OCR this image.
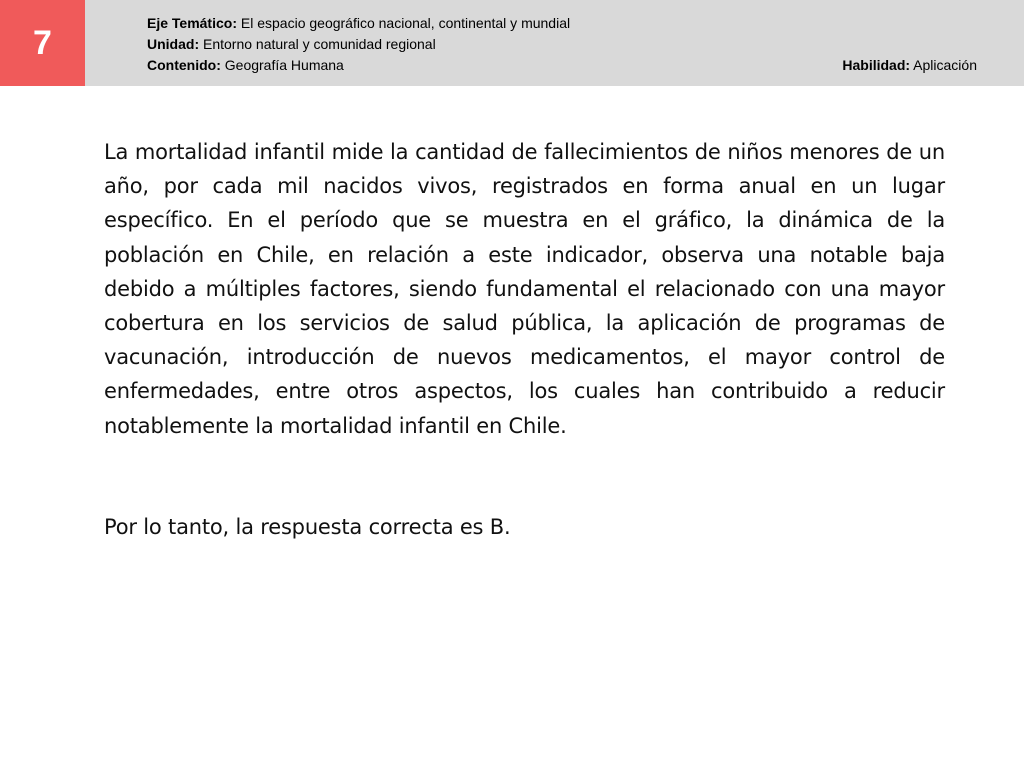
7
Eje Temático: El espacio geográfico nacional, continental y mundial
Unidad: Entorno natural y comunidad regional
Contenido: Geografía Humana	Habilidad: Aplicación

La mortalidad infantil mide la cantidad de fallecimientos de niños menores de un año, por cada mil nacidos vivos, registrados en forma anual en un lugar específico. En el período que se muestra en el gráfico, la dinámica de la población en Chile, en relación a este indicador, observa una notable baja debido a múltiples factores, siendo fundamental el relacionado con una mayor cobertura en los servicios de salud pública, la aplicación de programas de vacunación, introducción de nuevos medicamentos, el mayor control de enfermedades, entre otros aspectos, los cuales han contribuido a reducir notablemente la mortalidad infantil en Chile.

Por lo tanto, la respuesta correcta es B.
